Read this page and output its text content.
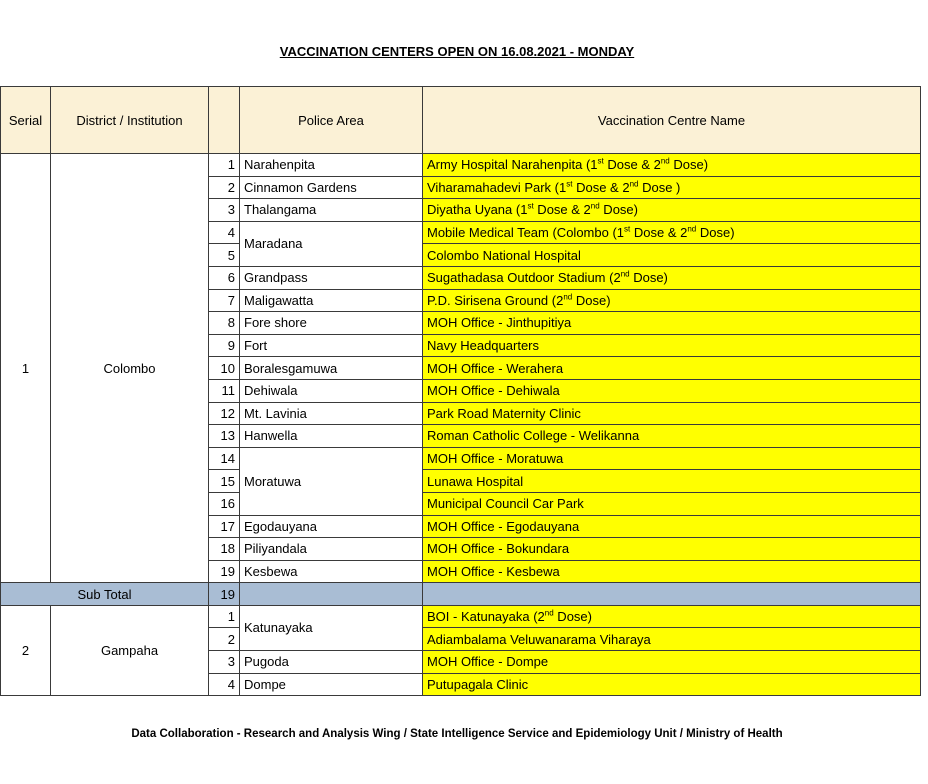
VACCINATION CENTERS OPEN ON 16.08.2021 - MONDAY
Serial	District / Institution		Police Area	Vaccination Centre Name
1	Colombo	1	Narahenpita	Army Hospital Narahenpita (1st Dose & 2nd Dose)
		2	Cinnamon Gardens	Viharamahadevi Park (1st Dose & 2nd Dose )
		3	Thalangama	Diyatha Uyana (1st Dose & 2nd Dose)
		4	Maradana	Mobile Medical Team (Colombo (1st Dose & 2nd Dose)
		5		Colombo National Hospital
		6	Grandpass	Sugathadasa Outdoor Stadium (2nd Dose)
		7	Maligawatta	P.D. Sirisena Ground (2nd Dose)
		8	Fore shore	MOH Office - Jinthupitiya
		9	Fort	Navy Headquarters
		10	Boralesgamuwa	MOH Office - Werahera
		11	Dehiwala	MOH Office - Dehiwala
		12	Mt. Lavinia	Park Road Maternity Clinic
		13	Hanwella	Roman Catholic College - Welikanna
		14	Moratuwa	MOH Office - Moratuwa
		15		Lunawa Hospital
		16		Municipal Council Car Park
		17	Egodauyana	MOH Office - Egodauyana
		18	Piliyandala	MOH Office - Bokundara
		19	Kesbewa	MOH Office - Kesbewa
Sub Total		19		
2	Gampaha	1	Katunayaka	BOI - Katunayaka (2nd Dose)
		2		Adiambalama Veluwanarama Viharaya
		3	Pugoda	MOH Office - Dompe
		4	Dompe	Putupagala Clinic
Data Collaboration - Research and Analysis Wing / State Intelligence Service and Epidemiology Unit / Ministry of Health
